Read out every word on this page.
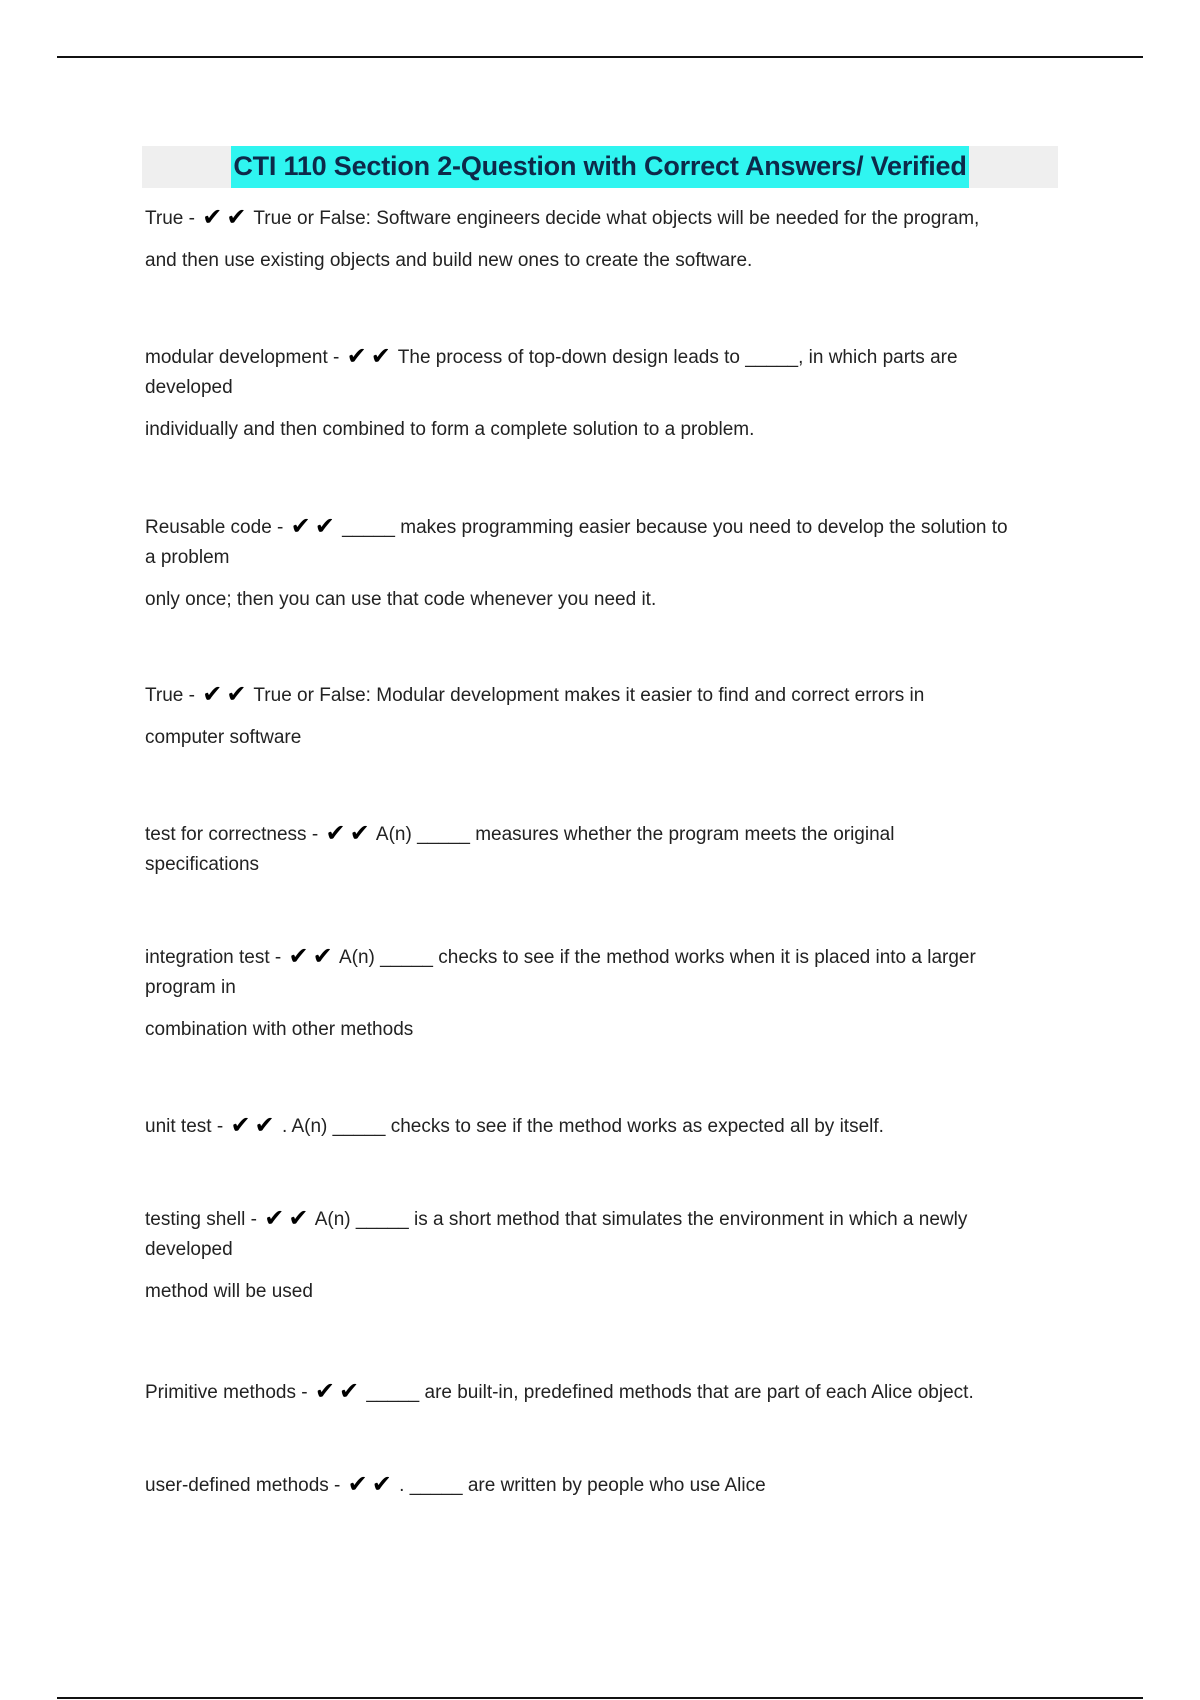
CTI 110 Section 2-Question with Correct Answers/ Verified
True - ✔ ✔ True or False: Software engineers decide what objects will be needed for the program,
and then use existing objects and build new ones to create the software.
modular development - ✔ ✔ The process of top-down design leads to _____, in which parts are
developed
individually and then combined to form a complete solution to a problem.
Reusable code - ✔ ✔ _____ makes programming easier because you need to develop the solution to
a problem
only once; then you can use that code whenever you need it.
True - ✔ ✔ True or False: Modular development makes it easier to find and correct errors in
computer software
test for correctness - ✔ ✔ A(n) _____ measures whether the program meets the original
specifications
integration test - ✔ ✔ A(n) _____ checks to see if the method works when it is placed into a larger
program in
combination with other methods
unit test - ✔ ✔ . A(n) _____ checks to see if the method works as expected all by itself.
testing shell - ✔ ✔ A(n) _____ is a short method that simulates the environment in which a newly
developed
method will be used
Primitive methods - ✔ ✔ _____ are built-in, predefined methods that are part of each Alice object.
user-defined methods - ✔ ✔ . _____ are written by people who use Alice
